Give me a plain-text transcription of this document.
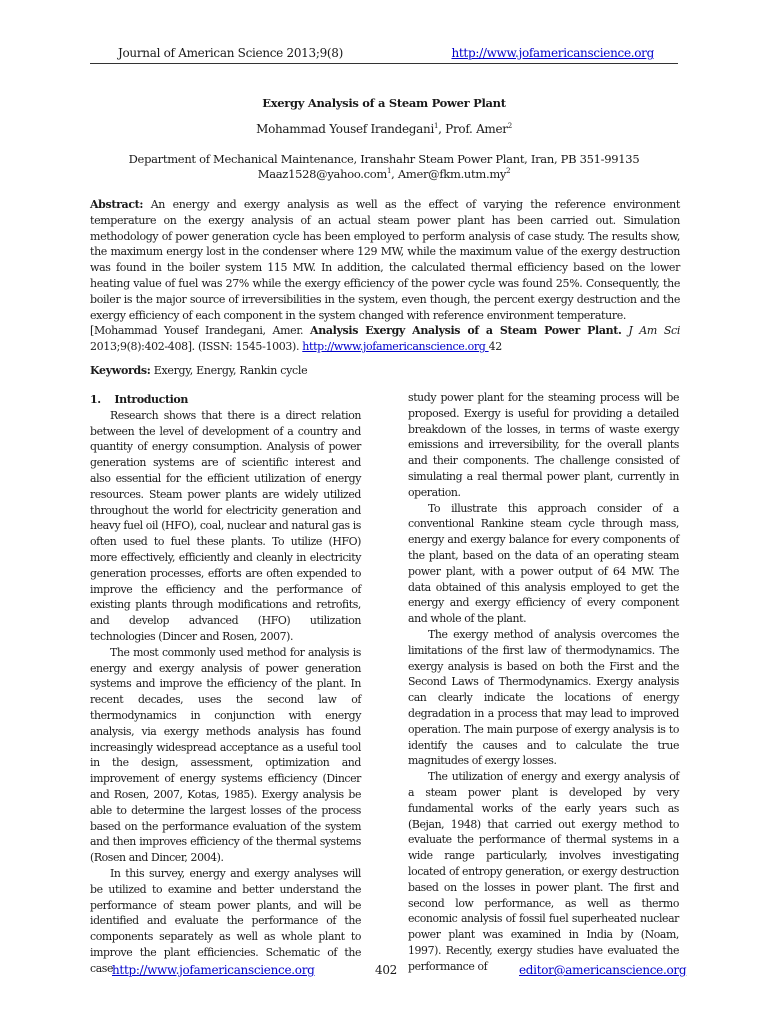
Journal of American Science 2013;9(8)	http://www.jofamericanscience.org
Exergy Analysis of a Steam Power Plant
Mohammad Yousef Irandegani$^1$, Prof. Amer$^2$
Department of Mechanical Maintenance, Iranshahr Steam Power Plant, Iran, PB 351-99135
Maaz1528@yahoo.com$^1$, $Amer@fkm.utm.my^2$

Abstract: An energy and exergy analysis as well as the effect of varying the reference environment temperature on the exergy analysis of an actual steam power plant has been carried out. Simulation methodology of power generation cycle has been employed to perform analysis of case study. The results show, the maximum energy lost in the condenser where 129 MW, while the maximum value of the exergy destruction was found in the boiler system 115 MW. In addition, the calculated thermal efficiency based on the lower heating value of fuel was 27% while the exergy efficiency of the power cycle was found 25%. Consequently, the boiler is the major source of irreversibilities in the system, even though, the percent exergy destruction and the exergy efficiency of each component in the system changed with reference environment temperature.

[Mohammad Yousef Irandegani, Amer. Analysis Exergy Analysis of a Steam Power Plant. J Am Sci 2013;9(8):402-408]. (ISSN: 1545-1003). http://www.jofamericanscience.org 42

Keywords: Exergy, Energy, Rankin cycle
1.    Introduction

Research shows that there is a direct relation between the level of development of a country and quantity of energy consumption. Analysis of power generation systems are of scientific interest and also essential for the efficient utilization of energy resources. Steam power plants are widely utilized throughout the world for electricity generation and heavy fuel oil (HFO), coal, nuclear and natural gas is often used to fuel these plants. To utilize (HFO) more effectively, efficiently and cleanly in electricity generation processes, efforts are often expended to improve the efficiency and the performance of existing plants through modifications and retrofits, and develop advanced (HFO) utilization technologies (Dincer and Rosen, 2007).

The most commonly used method for analysis is energy and exergy analysis of power generation systems and improve the efficiency of the plant. In recent decades, uses the second law of thermodynamics in conjunction with energy analysis, via exergy methods analysis has found increasingly widespread acceptance as a useful tool in the design, assessment, optimization and improvement of energy systems efficiency (Dincer and Rosen, 2007, Kotas, 1985). Exergy analysis be able to determine the largest losses of the process based on the performance evaluation of the system and then improves efficiency of the thermal systems (Rosen and Dincer, 2004).

In this survey, energy and exergy analyses will be utilized to examine and better understand the performance of steam power plants, and will be identified and evaluate the performance of the components separately as well as whole plant to improve the plant efficiencies. Schematic of the case

study power plant for the steaming process will be proposed. Exergy is useful for providing a detailed breakdown of the losses, in terms of waste exergy emissions and irreversibility, for the overall plants and their components. The challenge consisted of simulating a real thermal power plant, currently in operation.

To illustrate this approach consider of a conventional Rankine steam cycle through mass, energy and exergy balance for every components of the plant, based on the data of an operating steam power plant, with a power output of 64 MW. The data obtained of this analysis employed to get the energy and exergy efficiency of every component and whole of the plant.

The exergy method of analysis overcomes the limitations of the first law of thermodynamics. The exergy analysis is based on both the First and the Second Laws of Thermodynamics. Exergy analysis can clearly indicate the locations of energy degradation in a process that may lead to improved operation. The main purpose of exergy analysis is to identify the causes and to calculate the true magnitudes of exergy losses.

The utilization of energy and exergy analysis of a steam power plant is developed by very fundamental works of the early years such as (Bejan, 1948) that carried out exergy method to evaluate the performance of thermal systems in a wide range particularly, involves investigating located of entropy generation, or exergy destruction based on the losses in power plant. The first and second low performance, as well as thermo economic analysis of fossil fuel superheated nuclear power plant was examined in India by (Noam, 1997). Recently, exergy studies have evaluated the performance of

http://www.jofamericanscience.org	402	editor@americanscience.org
